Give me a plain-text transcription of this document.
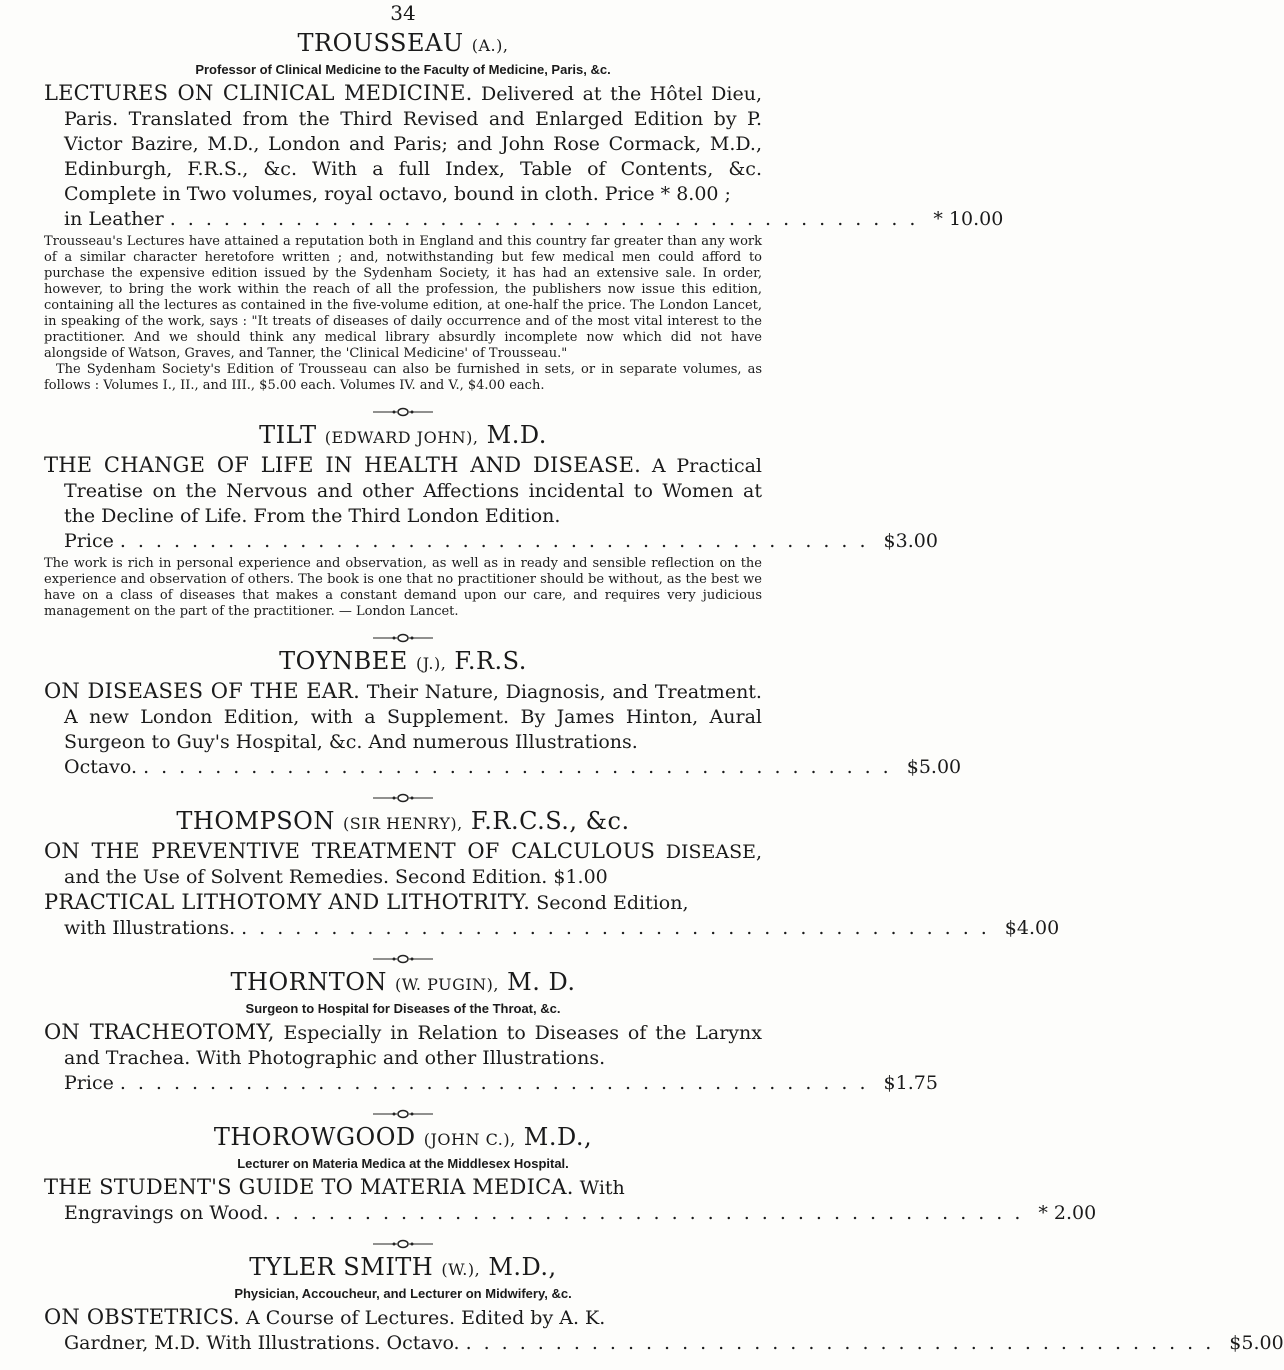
34

TROUSSEAU (A.),

Professor of Clinical Medicine to the Faculty of Medicine, Paris, &c.

LECTURES ON CLINICAL MEDICINE. Delivered at the Hôtel Dieu, Paris. Translated from the Third Revised and Enlarged Edition by P. Victor Bazire, M.D., London and Paris; and John Rose Cormack, M.D., Edinburgh, F.R.S., &c. With a full Index, Table of Contents, &c. Complete in Two volumes, royal octavo, bound in cloth. Price * 8.00 ;

in Leather .......................................... * 10.00

Trousseau's Lectures have attained a reputation both in England and this country far greater than any work of a similar character heretofore written ; and, notwithstanding but few medical men could afford to purchase the expensive edition issued by the Sydenham Society, it has had an extensive sale. In order, however, to bring the work within the reach of all the profession, the publishers now issue this edition, containing all the lectures as contained in the five-volume edition, at one-half the price. The London Lancet, in speaking of the work, says : "It treats of diseases of daily occurrence and of the most vital interest to the practitioner. And we should think any medical library absurdly incomplete now which did not have alongside of Watson, Graves, and Tanner, the 'Clinical Medicine' of Trousseau."

The Sydenham Society's Edition of Trousseau can also be furnished in sets, or in separate volumes, as follows : Volumes I., II., and III., $5.00 each. Volumes IV. and V., $4.00 each.

TILT (EDWARD JOHN), M.D.

THE CHANGE OF LIFE IN HEALTH AND DISEASE. A Practical Treatise on the Nervous and other Affections incidental to Women at the Decline of Life. From the Third London Edition.

Price .......................................... $3.00

The work is rich in personal experience and observation, as well as in ready and sensible reflection on the experience and observation of others. The book is one that no practitioner should be without, as the best we have on a class of diseases that makes a constant demand upon our care, and requires very judicious management on the part of the practitioner. — London Lancet.

TOYNBEE (J.), F.R.S.

ON DISEASES OF THE EAR. Their Nature, Diagnosis, and Treatment. A new London Edition, with a Supplement. By James Hinton, Aural Surgeon to Guy's Hospital, &c. And numerous Illustrations.

Octavo. .......................................... $5.00

THOMPSON (SIR HENRY), F.R.C.S., &c.

ON THE PREVENTIVE TREATMENT OF CALCULOUS DISEASE, and the Use of Solvent Remedies. Second Edition. $1.00

PRACTICAL LITHOTOMY AND LITHOTRITY. Second Edition,

with Illustrations. .......................................... $4.00

THORNTON (W. PUGIN), M. D.

Surgeon to Hospital for Diseases of the Throat, &c.

ON TRACHEOTOMY, Especially in Relation to Diseases of the Larynx and Trachea. With Photographic and other Illustrations.

Price .......................................... $1.75

THOROWGOOD (JOHN C.), M.D.,

Lecturer on Materia Medica at the Middlesex Hospital.

THE STUDENT'S GUIDE TO MATERIA MEDICA. With

Engravings on Wood. .......................................... * 2.00

TYLER SMITH (W.), M.D.,

Physician, Accoucheur, and Lecturer on Midwifery, &c.

ON OBSTETRICS. A Course of Lectures. Edited by A. K.

Gardner, M.D. With Illustrations. Octavo. .......................................... $5.00
